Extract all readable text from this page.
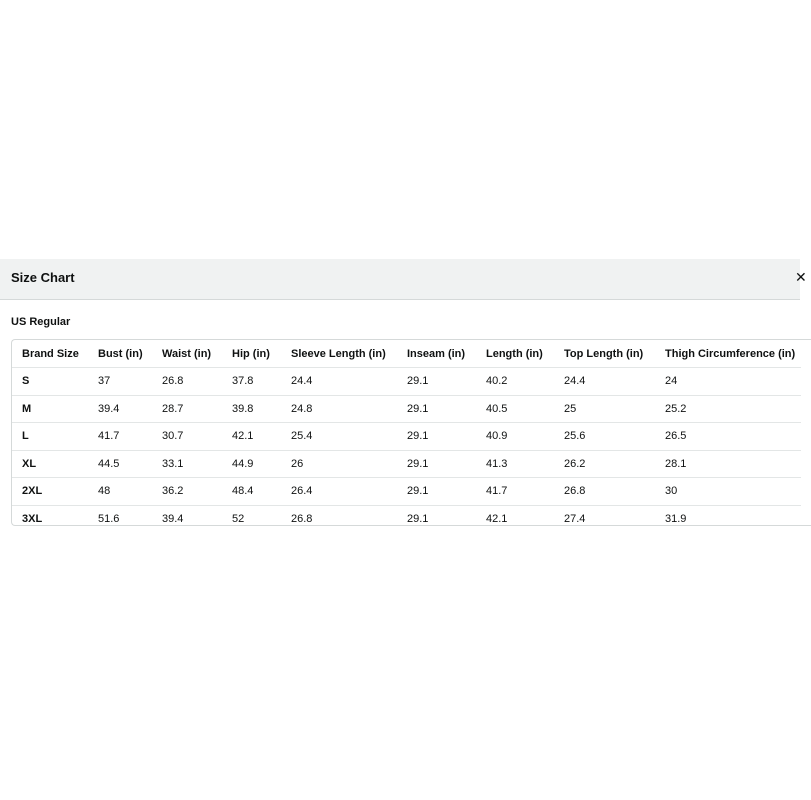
Size Chart	✕
US Regular
Brand Size	Bust (in)	Waist (in)	Hip (in)	Sleeve Length (in)	Inseam (in)	Length (in)	Top Length (in)	Thigh Circumference (in)
S	37	26.8	37.8	24.4	29.1	40.2	24.4	24
M	39.4	28.7	39.8	24.8	29.1	40.5	25	25.2
L	41.7	30.7	42.1	25.4	29.1	40.9	25.6	26.5
XL	44.5	33.1	44.9	26	29.1	41.3	26.2	28.1
2XL	48	36.2	48.4	26.4	29.1	41.7	26.8	30
3XL	51.6	39.4	52	26.8	29.1	42.1	27.4	31.9
